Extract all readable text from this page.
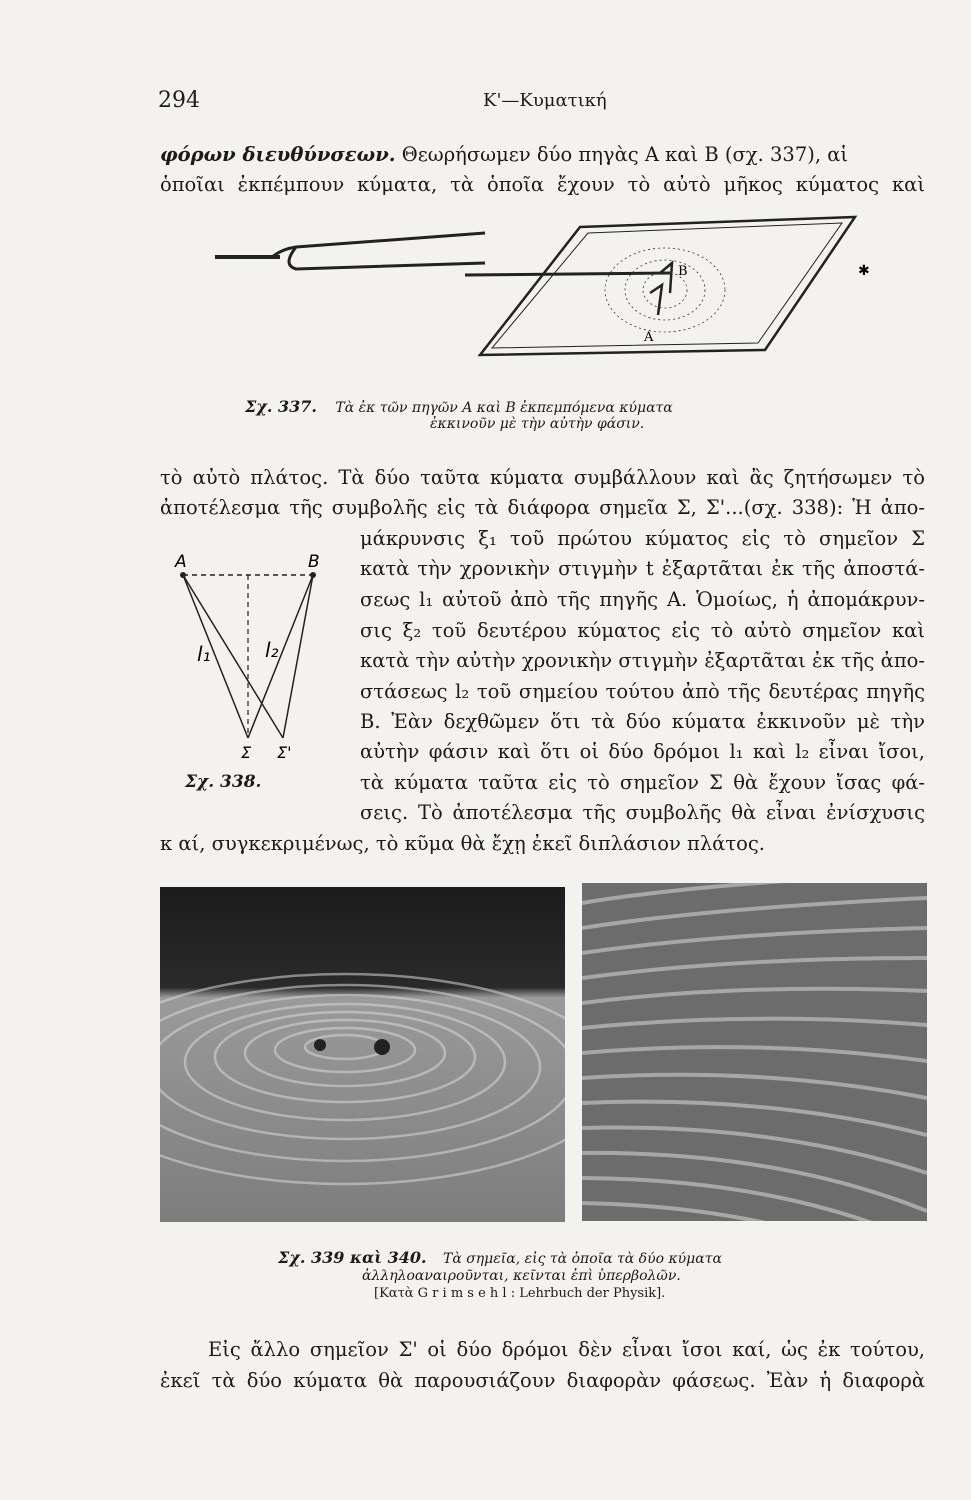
294	Κ'—Κυματική
φόρων διευθύνσεων. Θεωρήσωμεν δύο πηγὰς A καὶ B (σχ. 337), αἱ
ὁποῖαι ἐκπέμπουν κύματα, τὰ ὁποῖα ἔχουν τὸ αὐτὸ μῆκος κύματος καὶ
B
A
✱
Σχ. 337. Τὰ ἐκ τῶν πηγῶν A καὶ B ἐκπεμπόμενα κύματα
ἐκκινοῦν μὲ τὴν αὐτὴν φάσιν.
τὸ αὐτὸ πλάτος. Τὰ δύο ταῦτα κύματα συμβάλλουν καὶ ἂς ζητήσωμεν τὸ
ἀποτέλεσμα τῆς συμβολῆς εἰς τὰ διάφορα σημεῖα Σ, Σ'...(σχ. 338): Ἡ ἀπο-
A	B
l₁	l₂
Σ Σ'
Σχ. 338.
μάκρυνσις ξ₁ τοῦ πρώτου κύματος εἰς τὸ σημεῖον Σ
κατὰ τὴν χρονικὴν στιγμὴν t ἐξαρτᾶται ἐκ τῆς ἀποστά-
σεως l₁ αὐτοῦ ἀπὸ τῆς πηγῆς A. Ὁμοίως, ἡ ἀπομάκρυν-
σις ξ₂ τοῦ δευτέρου κύματος εἰς τὸ αὐτὸ σημεῖον καὶ
κατὰ τὴν αὐτὴν χρονικὴν στιγμὴν ἐξαρτᾶται ἐκ τῆς ἀπο-
στάσεως l₂ τοῦ σημείου τούτου ἀπὸ τῆς δευτέρας πηγῆς
B. Ἐὰν δεχθῶμεν ὅτι τὰ δύο κύματα ἐκκινοῦν μὲ τὴν
αὐτὴν φάσιν καὶ ὅτι οἱ δύο δρόμοι l₁ καὶ l₂ εἶναι ἴσοι,
τὰ κύματα ταῦτα εἰς τὸ σημεῖον Σ θὰ ἔχουν ἴσας φά-
σεις. Τὸ ἀποτέλεσμα τῆς συμβολῆς θὰ εἶναι ἐνίσχυσις
κ αί, συγκεκριμένως, τὸ κῦμα θὰ ἔχῃ ἐκεῖ διπλάσιον πλάτος.
Σχ. 339 καὶ 340. Τὰ σημεῖα, εἰς τὰ ὁποῖα τὰ δύο κύματα
ἀλληλοαναιροῦνται, κεῖνται ἐπὶ ὑπερβολῶν.
[Κατὰ G r i m s e h l : Lehrbuch der Physik].
Εἰς ἄλλο σημεῖον Σ' οἱ δύο δρόμοι δὲν εἶναι ἴσοι καί, ὡς ἐκ τούτου,
ἐκεῖ τὰ δύο κύματα θὰ παρουσιάζουν διαφορὰν φάσεως. Ἐὰν ἡ διαφορὰ
